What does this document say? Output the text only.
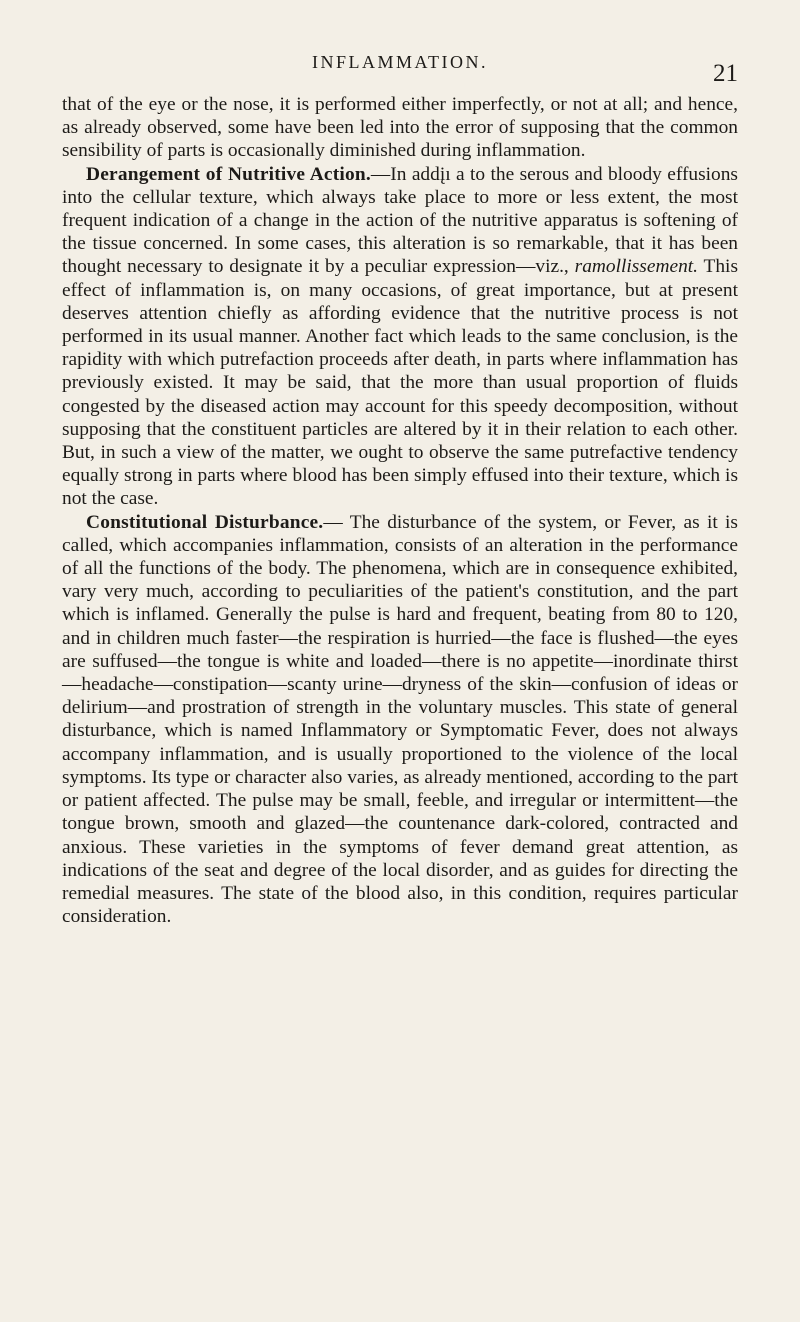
INFLAMMATION.	21

that of the eye or the nose, it is performed either imperfectly, or not at all; and hence, as already observed, some have been led into the error of supposing that the common sensibility of parts is occasionally diminished during inflammation.

Derangement of Nutritive Action.—In addįı a to the serous and bloody effusions into the cellular texture, which always take place to more or less extent, the most frequent indication of a change in the action of the nutritive apparatus is softening of the tissue concerned. In some cases, this alteration is so remarkable, that it has been thought necessary to designate it by a peculiar expression—viz., ramollissement. This effect of inflammation is, on many occasions, of great importance, but at present deserves attention chiefly as affording evidence that the nutritive process is not performed in its usual manner. Another fact which leads to the same conclusion, is the rapidity with which putrefaction proceeds after death, in parts where inflammation has previously existed. It may be said, that the more than usual proportion of fluids congested by the diseased action may account for this speedy decomposition, without supposing that the constituent particles are altered by it in their relation to each other. But, in such a view of the matter, we ought to observe the same putrefactive tendency equally strong in parts where blood has been simply effused into their texture, which is not the case.

Constitutional Disturbance.— The disturbance of the system, or Fever, as it is called, which accompanies inflammation, consists of an alteration in the performance of all the functions of the body. The phenomena, which are in consequence exhibited, vary very much, according to peculiarities of the patient's constitution, and the part which is inflamed. Generally the pulse is hard and frequent, beating from 80 to 120, and in children much faster—the respiration is hurried—the face is flushed—the eyes are suffused—the tongue is white and loaded—there is no appetite—inordinate thirst—headache—constipation—scanty urine—dryness of the skin—confusion of ideas or delirium—and prostration of strength in the voluntary muscles. This state of general disturbance, which is named Inflammatory or Symptomatic Fever, does not always accompany inflammation, and is usually proportioned to the violence of the local symptoms. Its type or character also varies, as already mentioned, according to the part or patient affected. The pulse may be small, feeble, and irregular or intermittent—the tongue brown, smooth and glazed—the countenance dark-colored, contracted and anxious. These varieties in the symptoms of fever demand great attention, as indications of the seat and degree of the local disorder, and as guides for directing the remedial measures. The state of the blood also, in this condition, requires particular consideration.
